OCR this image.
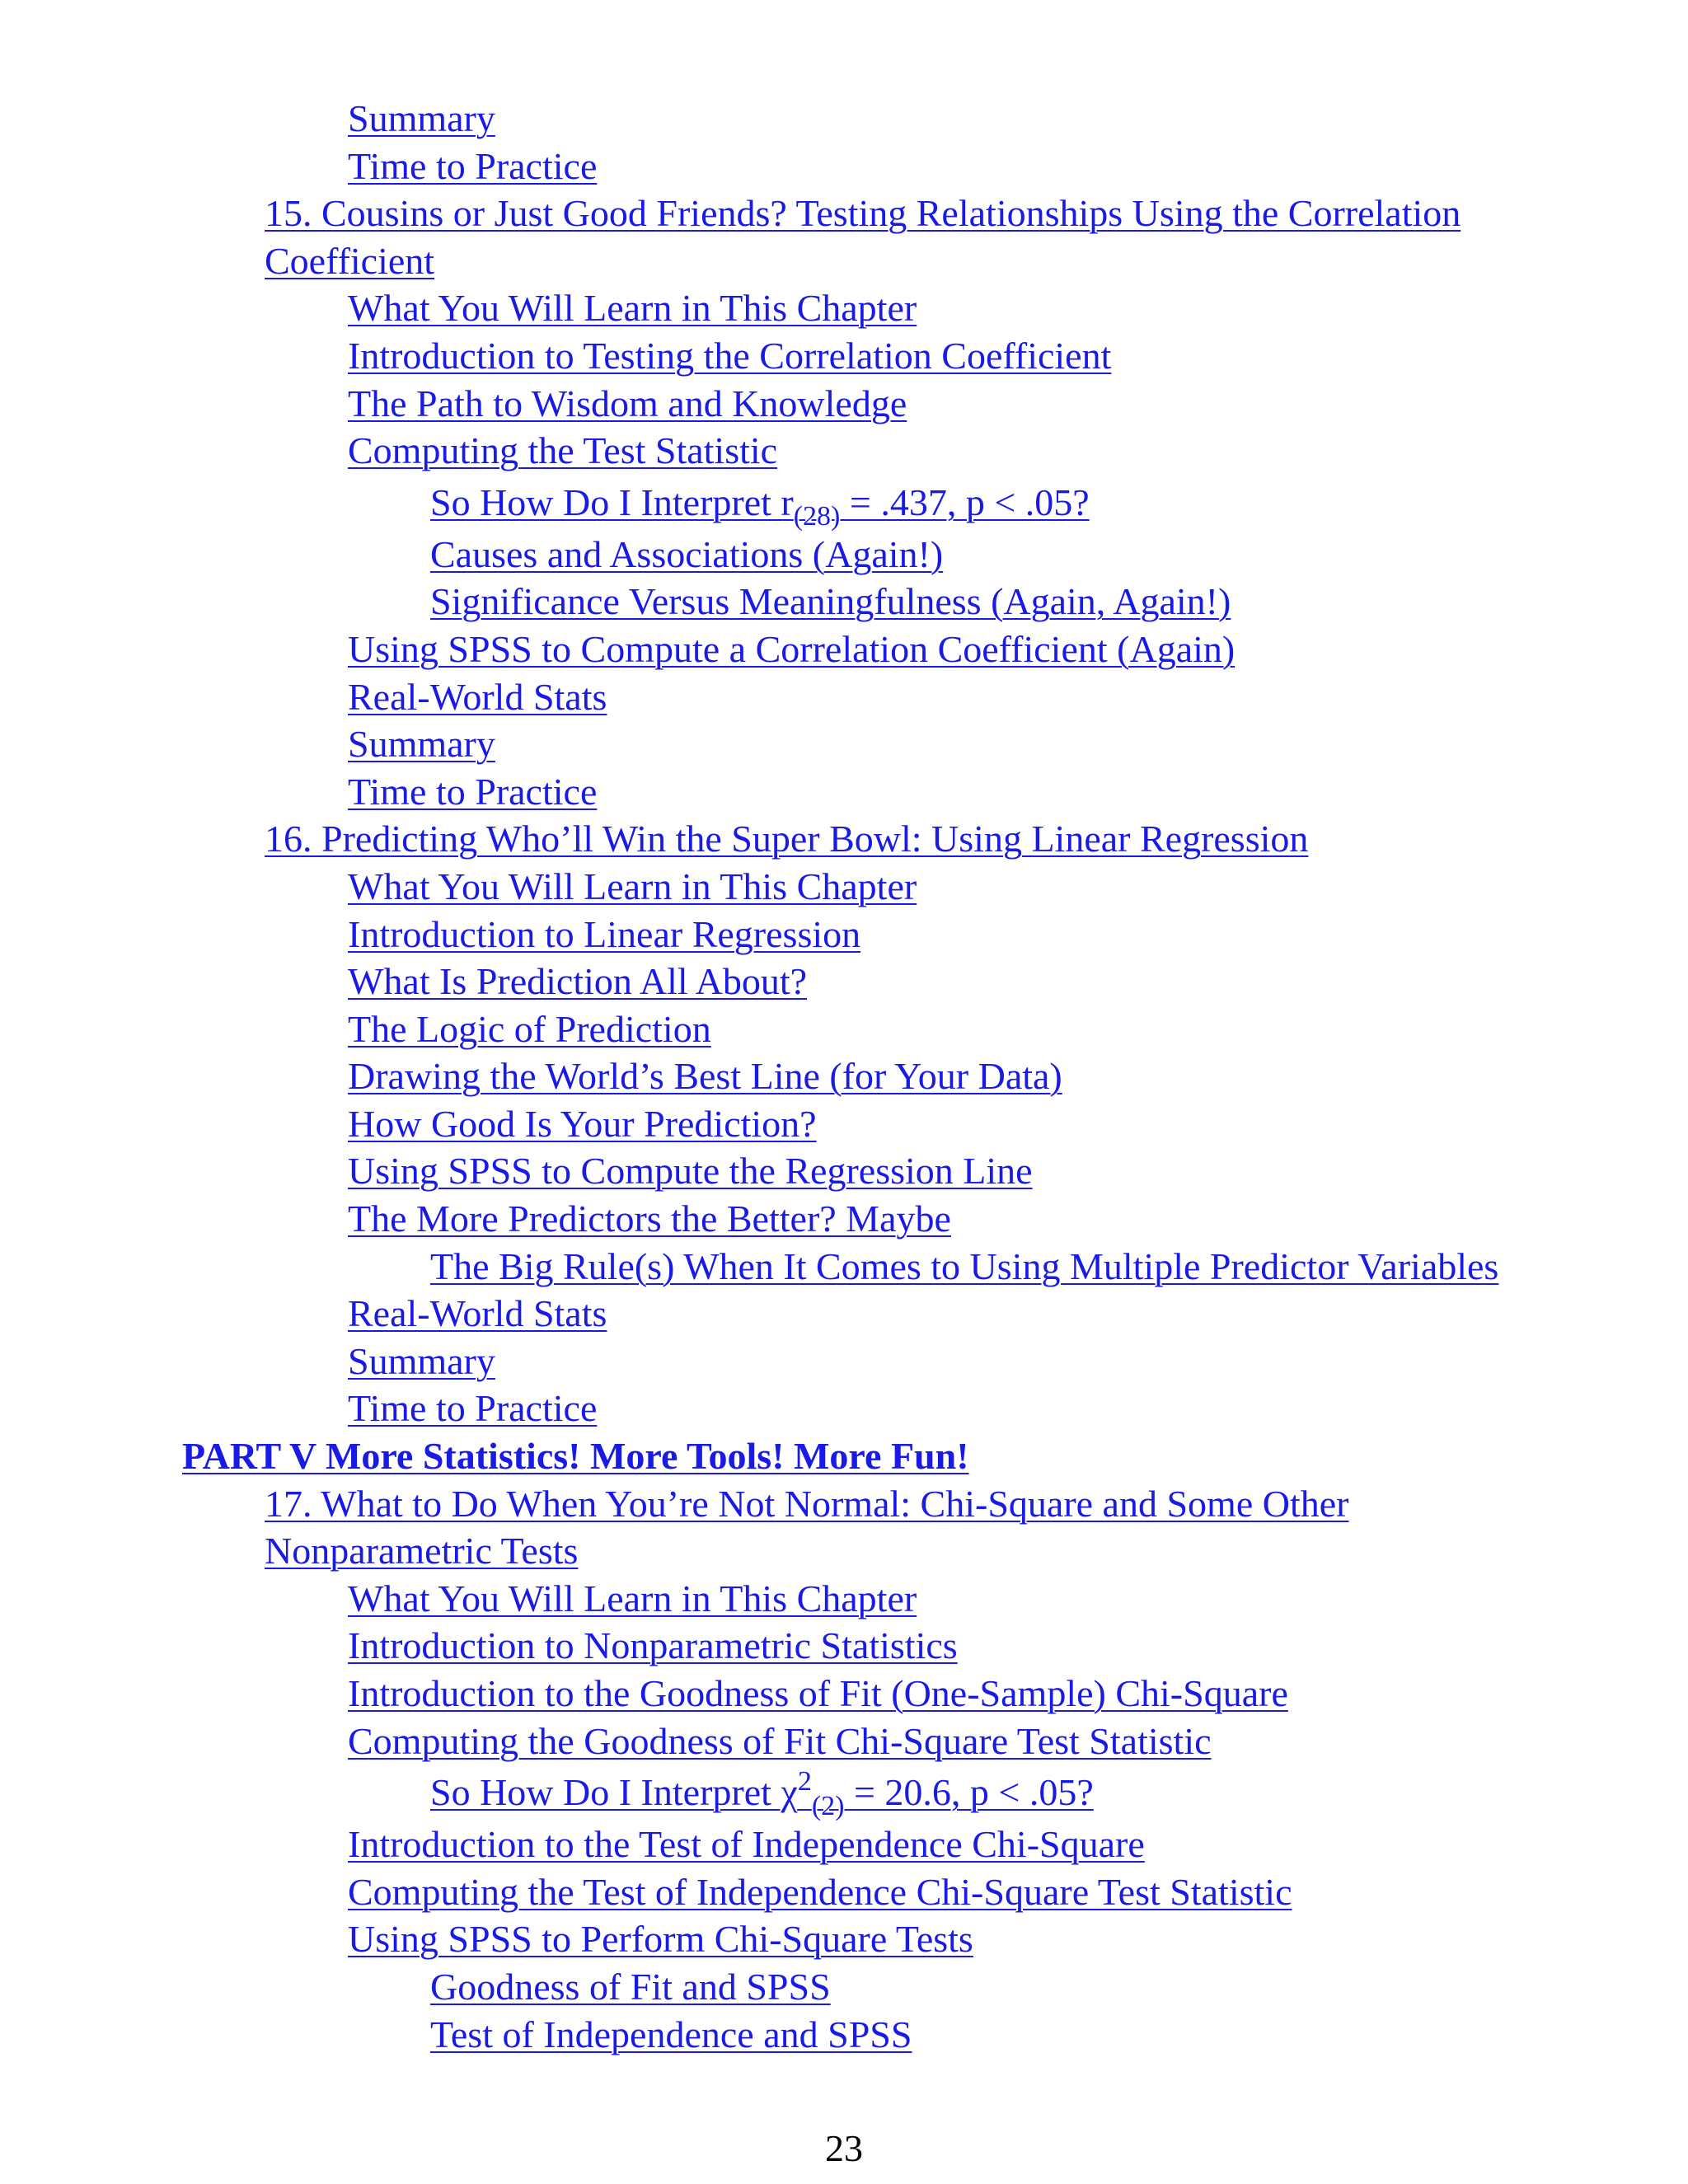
Summary
Time to Practice
15. Cousins or Just Good Friends? Testing Relationships Using the Correlation
Coefficient
What You Will Learn in This Chapter
Introduction to Testing the Correlation Coefficient
The Path to Wisdom and Knowledge
Computing the Test Statistic
So How Do I Interpret $r_{(28)} = .437$, p < .05?
Causes and Associations (Again!)
Significance Versus Meaningfulness (Again, Again!)
Using SPSS to Compute a Correlation Coefficient (Again)
Real-World Stats
Summary
Time to Practice
16. Predicting Who’ll Win the Super Bowl: Using Linear Regression
What You Will Learn in This Chapter
Introduction to Linear Regression
What Is Prediction All About?
The Logic of Prediction
Drawing the World’s Best Line (for Your Data)
How Good Is Your Prediction?
Using SPSS to Compute the Regression Line
The More Predictors the Better? Maybe
The Big Rule(s) When It Comes to Using Multiple Predictor Variables
Real-World Stats
Summary
Time to Practice
PART V More Statistics! More Tools! More Fun!
17. What to Do When You’re Not Normal: Chi-Square and Some Other
Nonparametric Tests
What You Will Learn in This Chapter
Introduction to Nonparametric Statistics
Introduction to the Goodness of Fit (One-Sample) Chi-Square
Computing the Goodness of Fit Chi-Square Test Statistic
So How Do I Interpret $\chi^2_{(2)} = 20.6$, p < .05?
Introduction to the Test of Independence Chi-Square
Computing the Test of Independence Chi-Square Test Statistic
Using SPSS to Perform Chi-Square Tests
Goodness of Fit and SPSS
Test of Independence and SPSS
23
